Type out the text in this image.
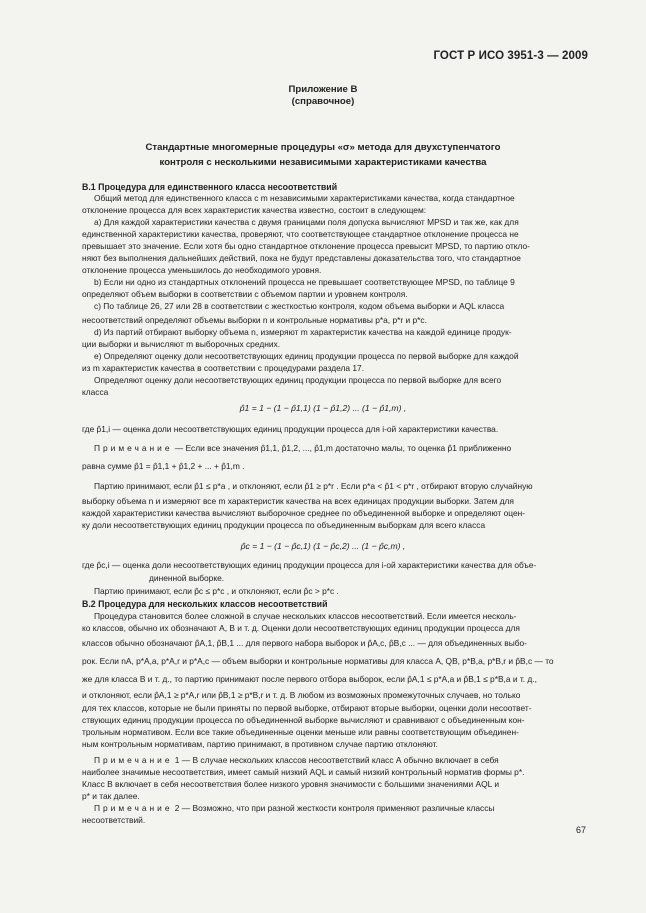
ГОСТ Р ИСО 3951-3 — 2009
Приложение В
(справочное)
Стандартные многомерные процедуры «σ» метода для двухступенчатого
контроля с несколькими независимыми характеристиками качества
В.1 Процедура для единственного класса несоответствий
Общий метод для единственного класса с m независимыми характеристиками качества, когда стандартное
отклонение процесса для всех характеристик качества известно, состоит в следующем:
а) Для каждой характеристики качества с двумя границами поля допуска вычисляют MPSD и так же, как для
единственной характеристики качества, проверяют, что соответствующее стандартное отклонение процесса не
превышает это значение. Если хотя бы одно стандартное отклонение процесса превысит MPSD, то партию откло-
няют без выполнения дальнейших действий, пока не будут представлены доказательства того, что стандартное
отклонение процесса уменьшилось до необходимого уровня.
b) Если ни одно из стандартных отклонений процесса не превышает соответствующее MPSD, по таблице 9
определяют объем выборки в соответствии с объемом партии и уровнем контроля.
с) По таблице 26, 27 или 28 в соответствии с жесткостью контроля, кодом объема выборки и AQL класса
несоответствий определяют объемы выборки n и контрольные нормативы p*a, p*r и p*c.
d) Из партий отбирают выборку объема n, измеряют m характеристик качества на каждой единице продук-
ции выборки и вычисляют m выборочных средних.
е) Определяют оценку доли несоответствующих единиц продукции процесса по первой выборке для каждой
из m характеристик качества в соответствии с процедурами раздела 17.
Определяют оценку доли несоответствующих единиц продукции процесса по первой выборке для всего
класса
p̂1 = 1 − (1 − p̂1,1) (1 − p̂1,2) ... (1 − p̂1,m) ,
где p̂1,i — оценка доли несоответствующих единиц продукции процесса для i-ой характеристики качества.
Примечание — Если все значения p̂1,1, p̂1,2, ..., p̂1,m достаточно малы, то оценка p̂1 приближенно
равна сумме p̂1 = p̂1,1 + p̂1,2 + ... + p̂1,m .
Партию принимают, если p̂1 ≤ p*a , и отклоняют, если p̂1 ≥ p*r . Если p*a < p̂1 < p*r , отбирают вторую случайную
выборку объема n и измеряют все m характеристик качества на всех единицах продукции выборки. Затем для
каждой характеристики качества вычисляют выборочное среднее по объединенной выборке и определяют оцен-
ку доли несоответствующих единиц продукции процесса по объединенным выборкам для всего класса
p̂c = 1 − (1 − p̂c,1) (1 − p̂c,2) ... (1 − p̂c,m) ,
где p̂c,i — оценка доли несоответствующих единиц продукции процесса для i-ой характеристики качества для объе-
диненной выборке.
Партию принимают, если p̂c ≤ p*c , и отклоняют, если p̂c > p*c .
В.2 Процедура для нескольких классов несоответствий
Процедура становится более сложной в случае нескольких классов несоответствий. Если имеется несколь-
ко классов, обычно их обозначают А, В и т. д. Оценки доли несоответствующих единиц продукции процесса для
классов обычно обозначают p̂A,1, p̂B,1 ... для первого набора выборок и p̂A,c, p̂B,c ... — для объединенных выбо-
рок. Если nA, p*A,a, p*A,r и p*A,c — объем выборки и контрольные нормативы для класса А, QB, p*B,a, p*B,r и p̂B,c — то
же для класса В и т. д., то партию принимают после первого отбора выборок, если p̂A,1 ≤ p*A,a и p̂B,1 ≤ p*B,a и т. д.,
и отклоняют, если p̂A,1 ≥ p*A,r или p̂B,1 ≥ p*B,r и т. д. В любом из возможных промежуточных случаев, но только
для тех классов, которые не были приняты по первой выборке, отбирают вторые выборки, оценки доли несоответ-
ствующих единиц продукции процесса по объединенной выборке вычисляют и сравнивают с объединенным кон-
трольным нормативом. Если все такие объединенные оценки меньше или равны соответствующим объединен-
ным контрольным нормативам, партию принимают, в противном случае партию отклоняют.
Примечание 1 — В случае нескольких классов несоответствий класс А обычно включает в себя
наиболее значимые несоответствия, имеет самый низкий AQL и самый низкий контрольный норматив формы p*.
Класс В включает в себя несоответствия более низкого уровня значимости с большими значениями AQL и
p* и так далее.
Примечание 2 — Возможно, что при разной жесткости контроля применяют различные классы
несоответствий.
67
